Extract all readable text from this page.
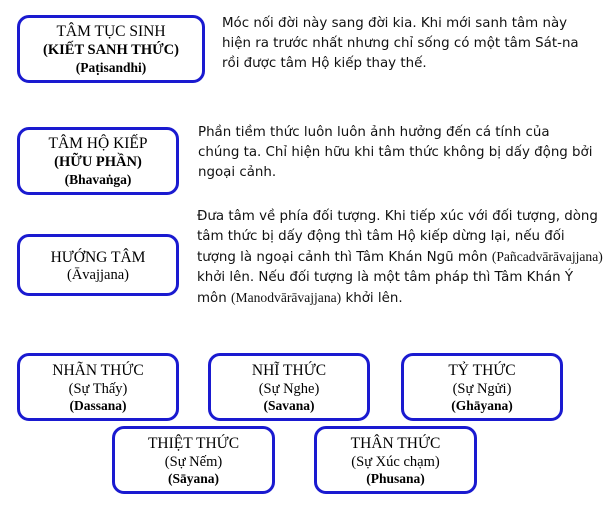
TÂM TỤC SINH
(KIẾT SANH THỨC)
(Paṭisandhi)
Móc nối đời này sang đời kia. Khi mới sanh tâm này hiện ra trước nhất nhưng chỉ sống có một tâm Sát-na rồi được tâm Hộ kiếp thay thế.
TÂM HỘ KIẾP
(HỮU PHẦN)
(Bhavaṅga)
Phần tiềm thức luôn luôn ảnh hưởng đến cá tính của chúng ta. Chỉ hiện hữu khi tâm thức không bị dấy động bởi ngoại cảnh.
HƯỚNG TÂM
(Āvajjana)
Đưa tâm về phía đối tượng. Khi tiếp xúc với đối tượng, dòng tâm thức bị dấy động thì tâm Hộ kiếp dừng lại, nếu đối tượng là ngoại cảnh thì Tâm Khán Ngũ môn (Pañcadvārāvajjana) khởi lên. Nếu đối tượng là một tâm pháp thì Tâm Khán Ý môn (Manodvārāvajjana) khởi lên.
NHÃN THỨC
(Sự Thấy)
(Dassana)
NHĨ THỨC
(Sự Nghe)
(Savana)
TỶ THỨC
(Sự Ngửi)
(Ghāyana)
THIỆT THỨC
(Sự Nếm)
(Sāyana)
THÂN THỨC
(Sự Xúc chạm)
(Phusana)
